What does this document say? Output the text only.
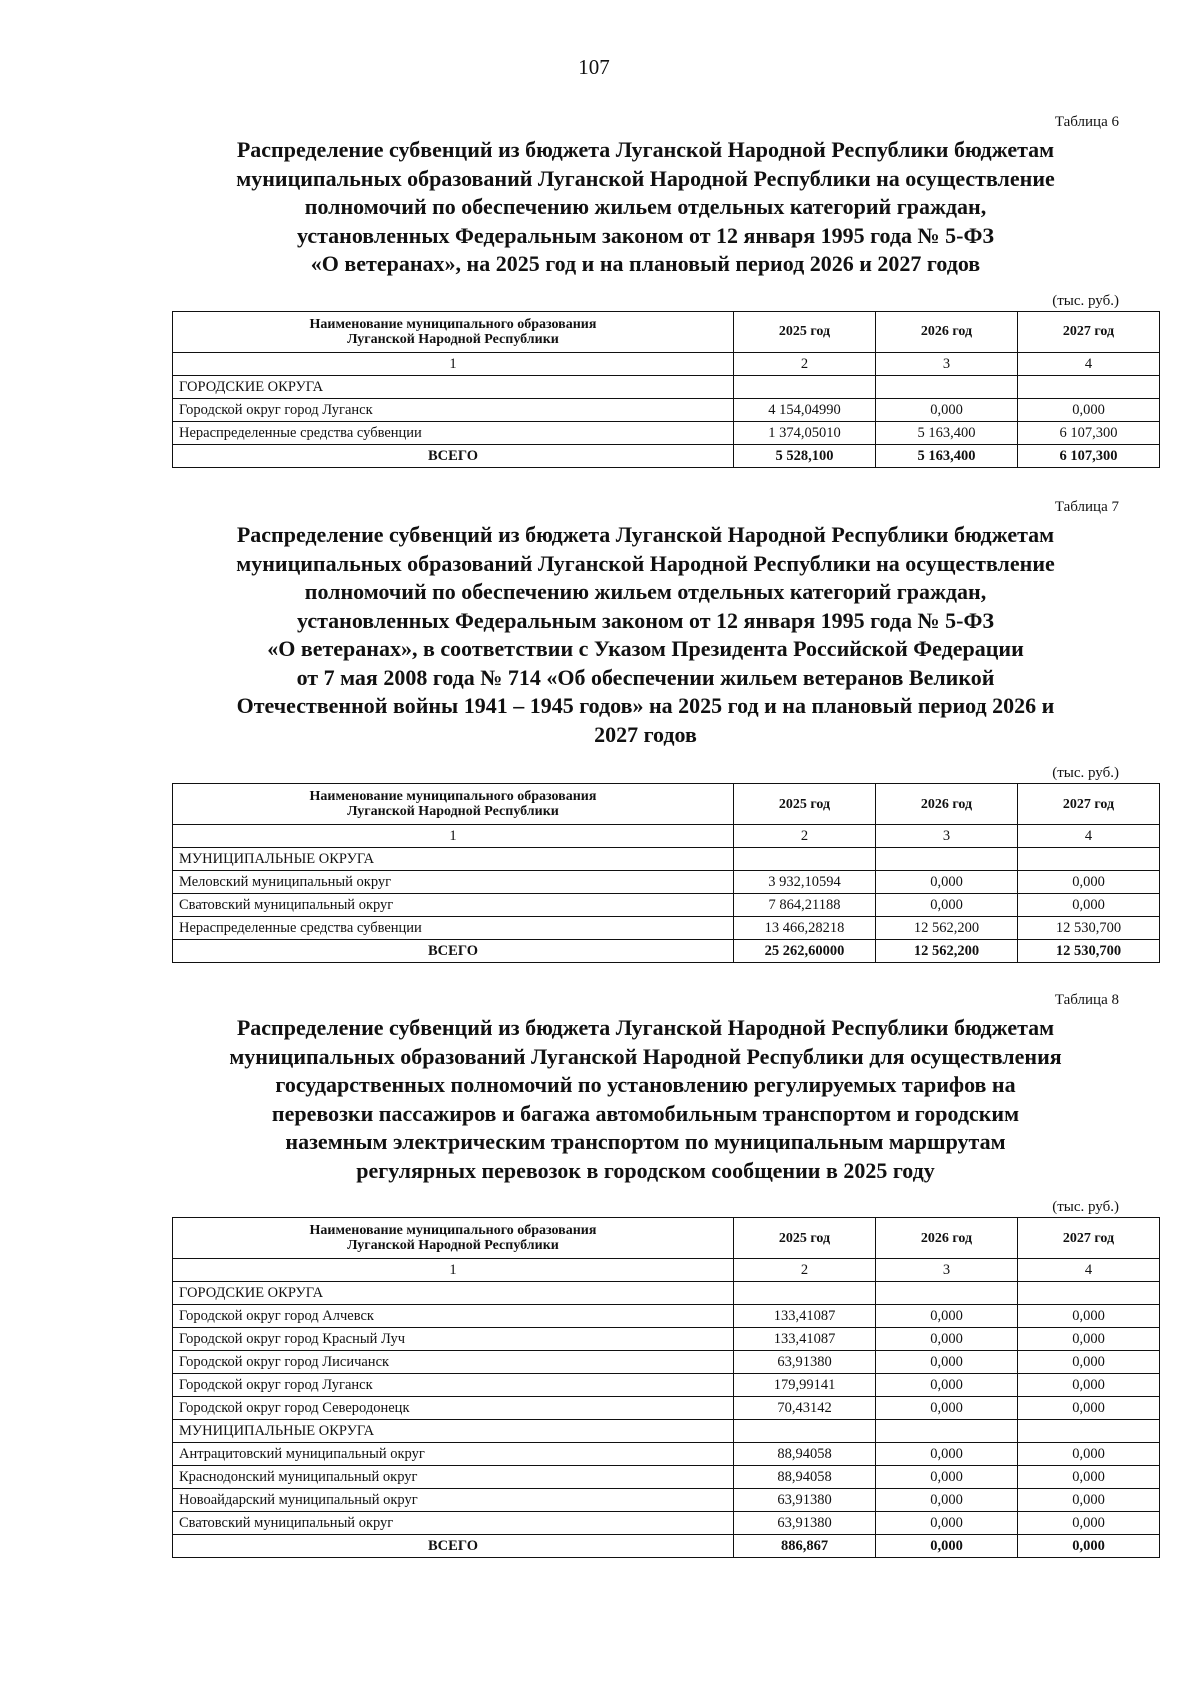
107
Таблица 6
Распределение субвенций из бюджета Луганской Народной Республики бюджетам
муниципальных образований Луганской Народной Республики на осуществление
полномочий по обеспечению жильем отдельных категорий граждан,
установленных Федеральным законом от 12 января 1995 года № 5-ФЗ
«О ветеранах», на 2025 год и на плановый период 2026 и 2027 годов
(тыс. руб.)
Наименование муниципального образования
Луганской Народной Республики	2025 год	2026 год	2027 год
1	2	3	4
ГОРОДСКИЕ ОКРУГА			
Городской округ город Луганск	4 154,04990	0,000	0,000
Нераспределенные средства субвенции	1 374,05010	5 163,400	6 107,300
ВСЕГО	5 528,100	5 163,400	6 107,300
Таблица 7
Распределение субвенций из бюджета Луганской Народной Республики бюджетам
муниципальных образований Луганской Народной Республики на осуществление
полномочий по обеспечению жильем отдельных категорий граждан,
установленных Федеральным законом от 12 января 1995 года № 5-ФЗ
«О ветеранах», в соответствии с Указом Президента Российской Федерации
от 7 мая 2008 года № 714 «Об обеспечении жильем ветеранов Великой
Отечественной войны 1941 – 1945 годов» на 2025 год и на плановый период 2026 и
2027 годов
(тыс. руб.)
Наименование муниципального образования
Луганской Народной Республики	2025 год	2026 год	2027 год
1	2	3	4
МУНИЦИПАЛЬНЫЕ ОКРУГА			
Меловский муниципальный округ	3 932,10594	0,000	0,000
Сватовский муниципальный округ	7 864,21188	0,000	0,000
Нераспределенные средства субвенции	13 466,28218	12 562,200	12 530,700
ВСЕГО	25 262,60000	12 562,200	12 530,700
Таблица 8
Распределение субвенций из бюджета Луганской Народной Республики бюджетам
муниципальных образований Луганской Народной Республики для осуществления
государственных полномочий по установлению регулируемых тарифов на
перевозки пассажиров и багажа автомобильным транспортом и городским
наземным электрическим транспортом по муниципальным маршрутам
регулярных перевозок в городском сообщении в 2025 году
(тыс. руб.)
Наименование муниципального образования
Луганской Народной Республики	2025 год	2026 год	2027 год
1	2	3	4
ГОРОДСКИЕ ОКРУГА			
Городской округ город Алчевск	133,41087	0,000	0,000
Городской округ город Красный Луч	133,41087	0,000	0,000
Городской округ город Лисичанск	63,91380	0,000	0,000
Городской округ город Луганск	179,99141	0,000	0,000
Городской округ город Северодонецк	70,43142	0,000	0,000
МУНИЦИПАЛЬНЫЕ ОКРУГА			
Антрацитовский муниципальный округ	88,94058	0,000	0,000
Краснодонский муниципальный округ	88,94058	0,000	0,000
Новоайдарский муниципальный округ	63,91380	0,000	0,000
Сватовский муниципальный округ	63,91380	0,000	0,000
ВСЕГО	886,867	0,000	0,000
